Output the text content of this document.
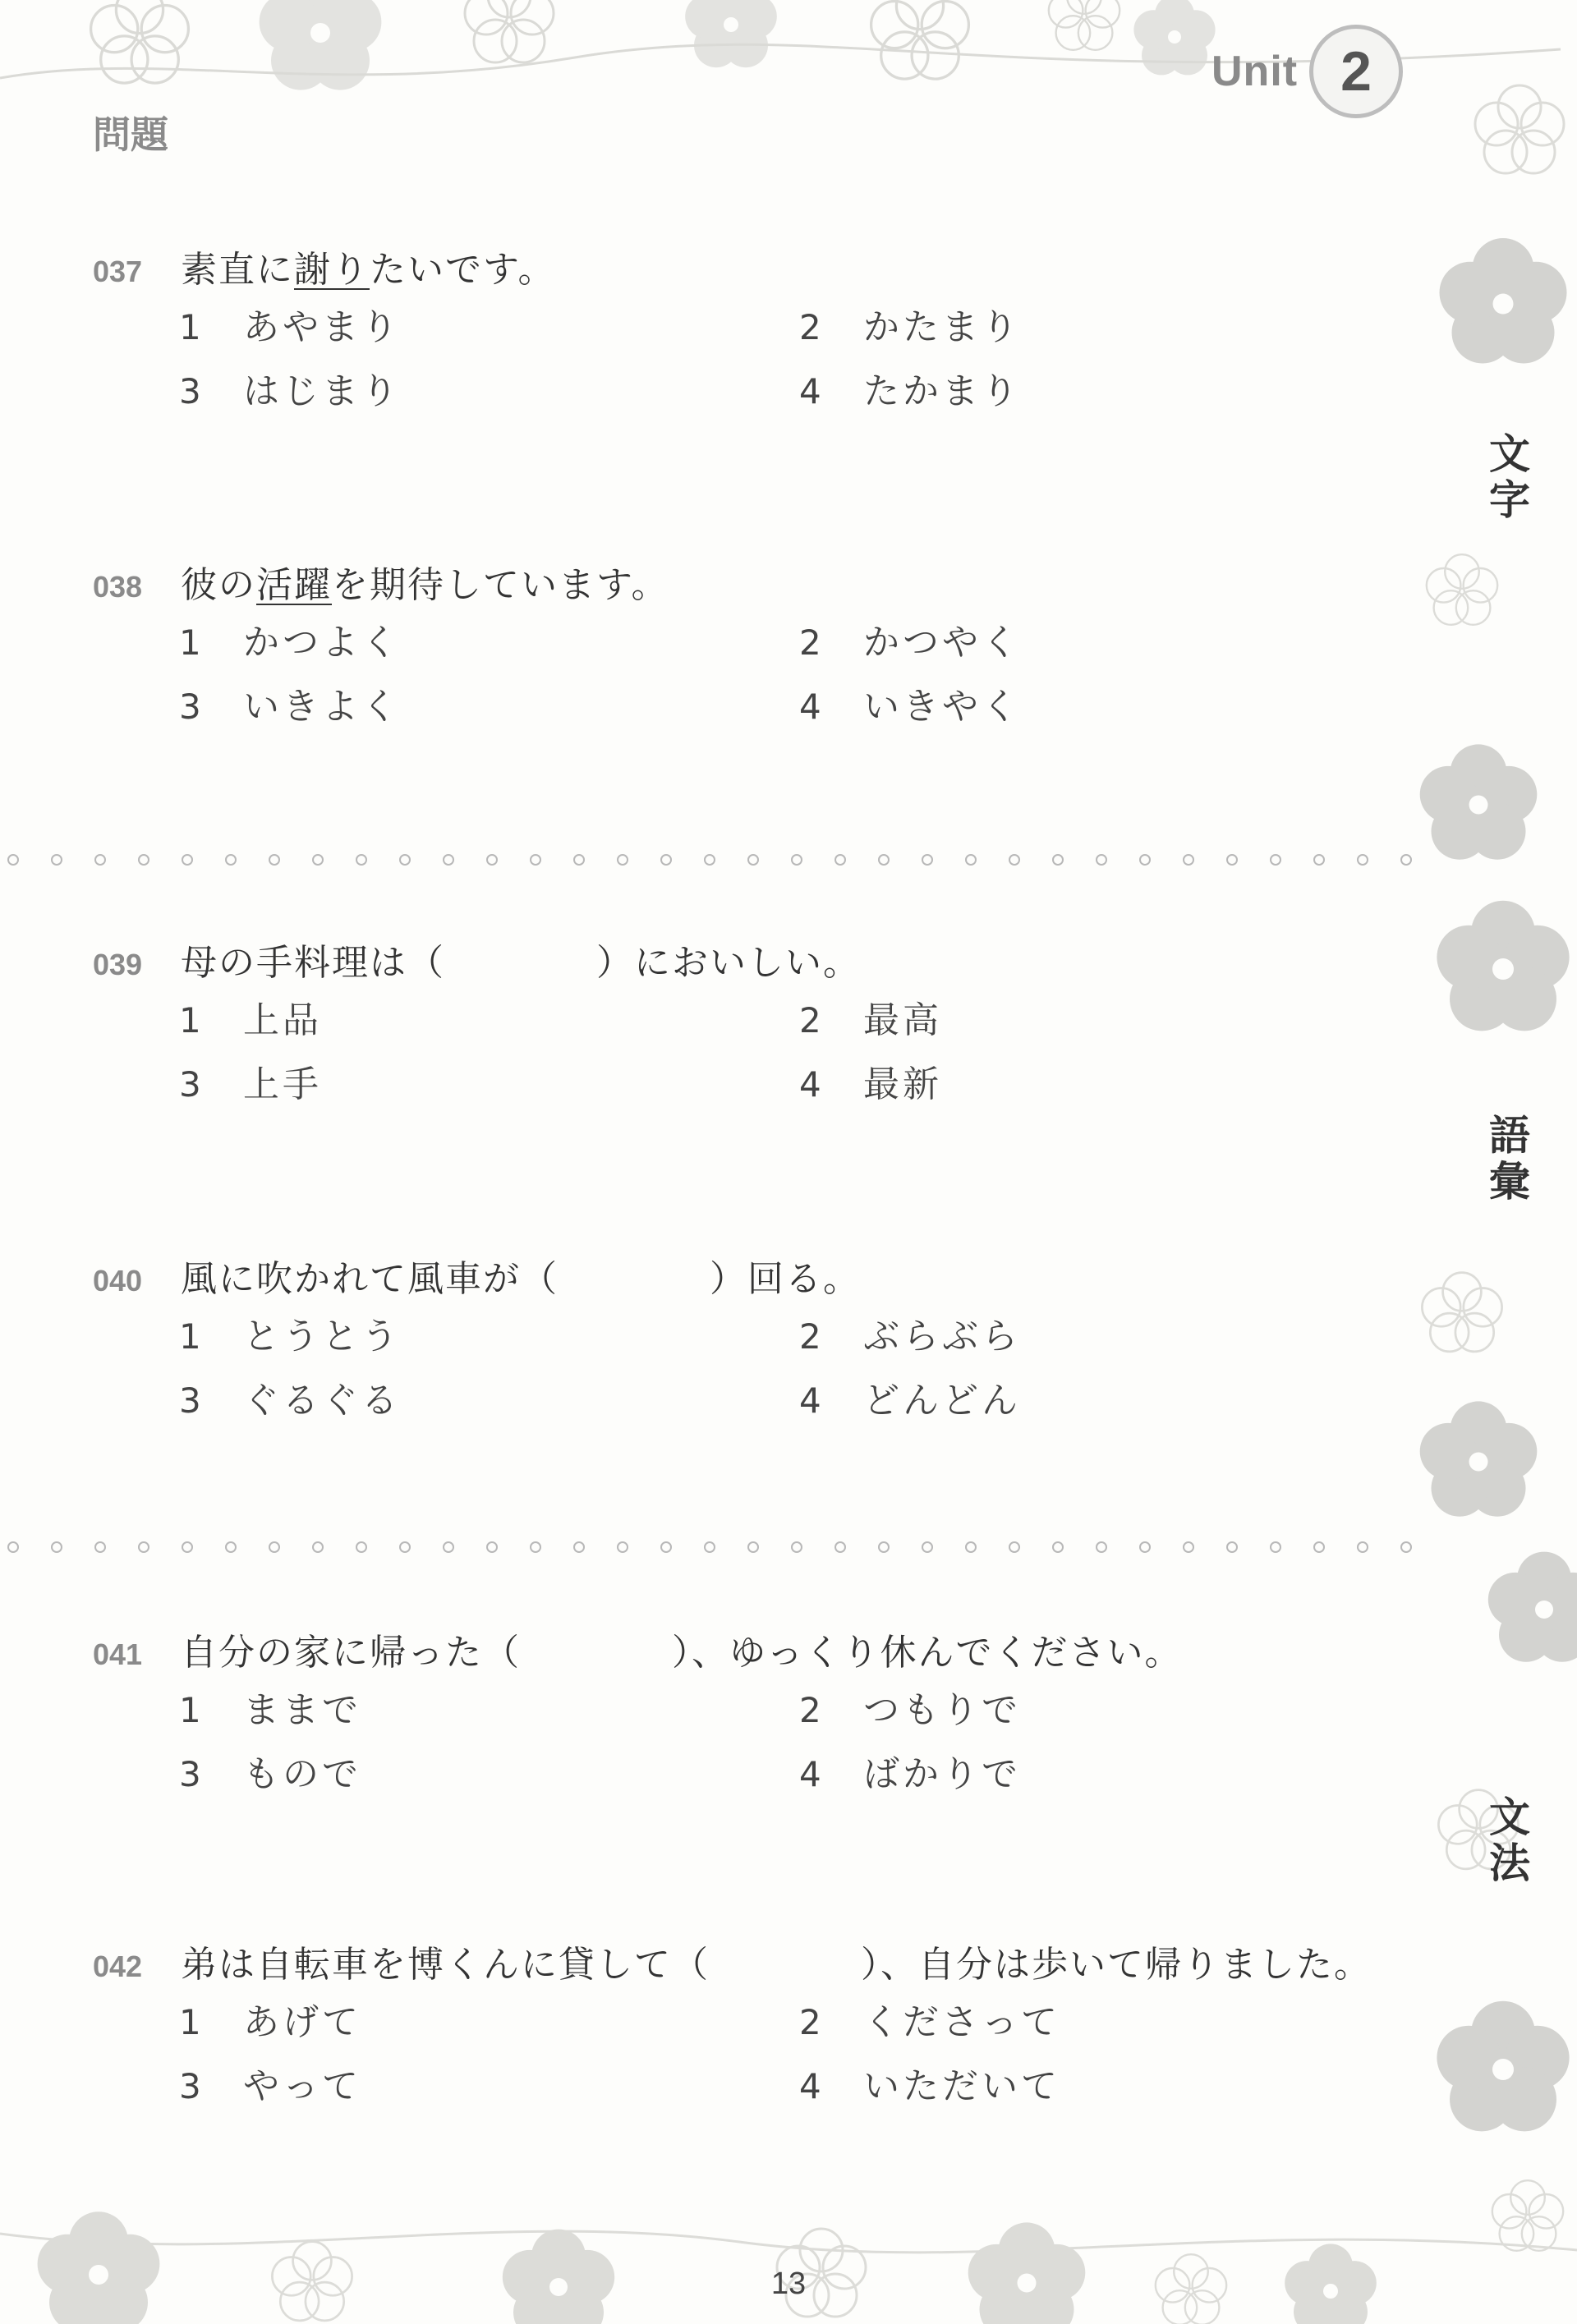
Unit 2
問題
037	素直に謝りたいです。
1	あやまり	2	かたまり
3	はじまり	4	たかまり
038	彼の活躍を期待しています。
1	かつよく	2	かつやく
3	いきよく	4	いきやく
039	母の手料理は（　　　　）においしい。
1	上品	2	最高
3	上手	4	最新
040	風に吹かれて風車が（　　　　）回る。
1	とうとう	2	ぶらぶら
3	ぐるぐる	4	どんどん
041	自分の家に帰った（　　　　）、ゆっくり休んでください。
1	ままで	2	つもりで
3	もので	4	ばかりで
042	弟は自転車を博くんに貸して（　　　　）、自分は歩いて帰りました。
1	あげて	2	くださって
3	やって	4	いただいて
文
字
語
彙
文
法
13
